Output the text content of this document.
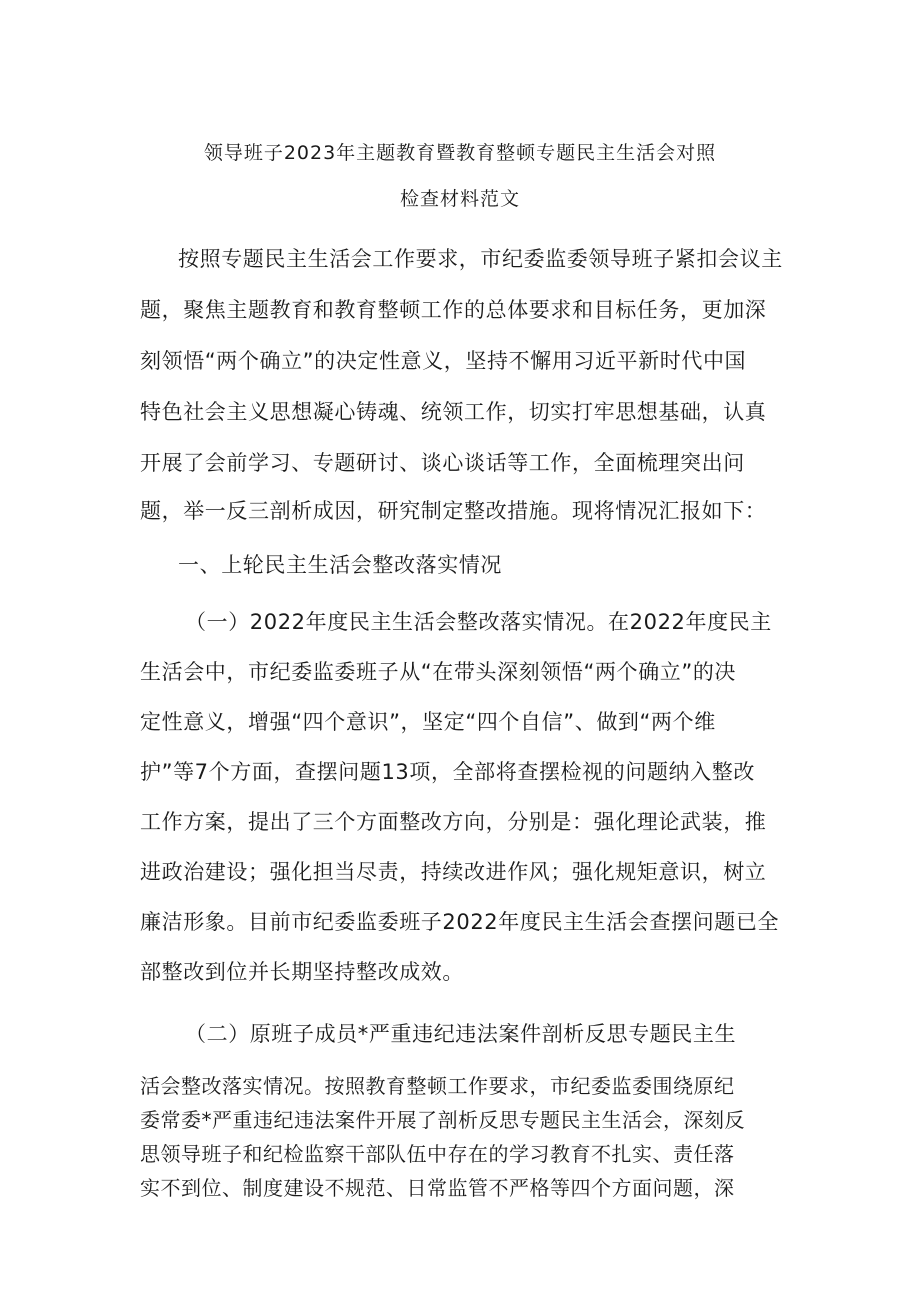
领导班子2023年主题教育暨教育整顿专题民主生活会对照
检查材料范文
按照专题民主生活会工作要求，市纪委监委领导班子紧扣会议主
题，聚焦主题教育和教育整顿工作的总体要求和目标任务，更加深
刻领悟“两个确立”的决定性意义，坚持不懈用习近平新时代中国
特色社会主义思想凝心铸魂、统领工作，切实打牢思想基础，认真
开展了会前学习、专题研讨、谈心谈话等工作，全面梳理突出问
题，举一反三剖析成因，研究制定整改措施。现将情况汇报如下：
一、上轮民主生活会整改落实情况
（一）2022年度民主生活会整改落实情况。在2022年度民主
生活会中，市纪委监委班子从“在带头深刻领悟“两个确立”的决
定性意义，增强“四个意识”，坚定“四个自信”、做到“两个维
护”等7个方面，查摆问题13项，全部将查摆检视的问题纳入整改
工作方案，提出了三个方面整改方向，分别是：强化理论武装，推
进政治建设；强化担当尽责，持续改进作风；强化规矩意识，树立
廉洁形象。目前市纪委监委班子2022年度民主生活会查摆问题已全
部整改到位并长期坚持整改成效。
（二）原班子成员*严重违纪违法案件剖析反思专题民主生
活会整改落实情况。按照教育整顿工作要求，市纪委监委围绕原纪
委常委*严重违纪违法案件开展了剖析反思专题民主生活会，深刻反
思领导班子和纪检监察干部队伍中存在的学习教育不扎实、责任落
实不到位、制度建设不规范、日常监管不严格等四个方面问题，深
